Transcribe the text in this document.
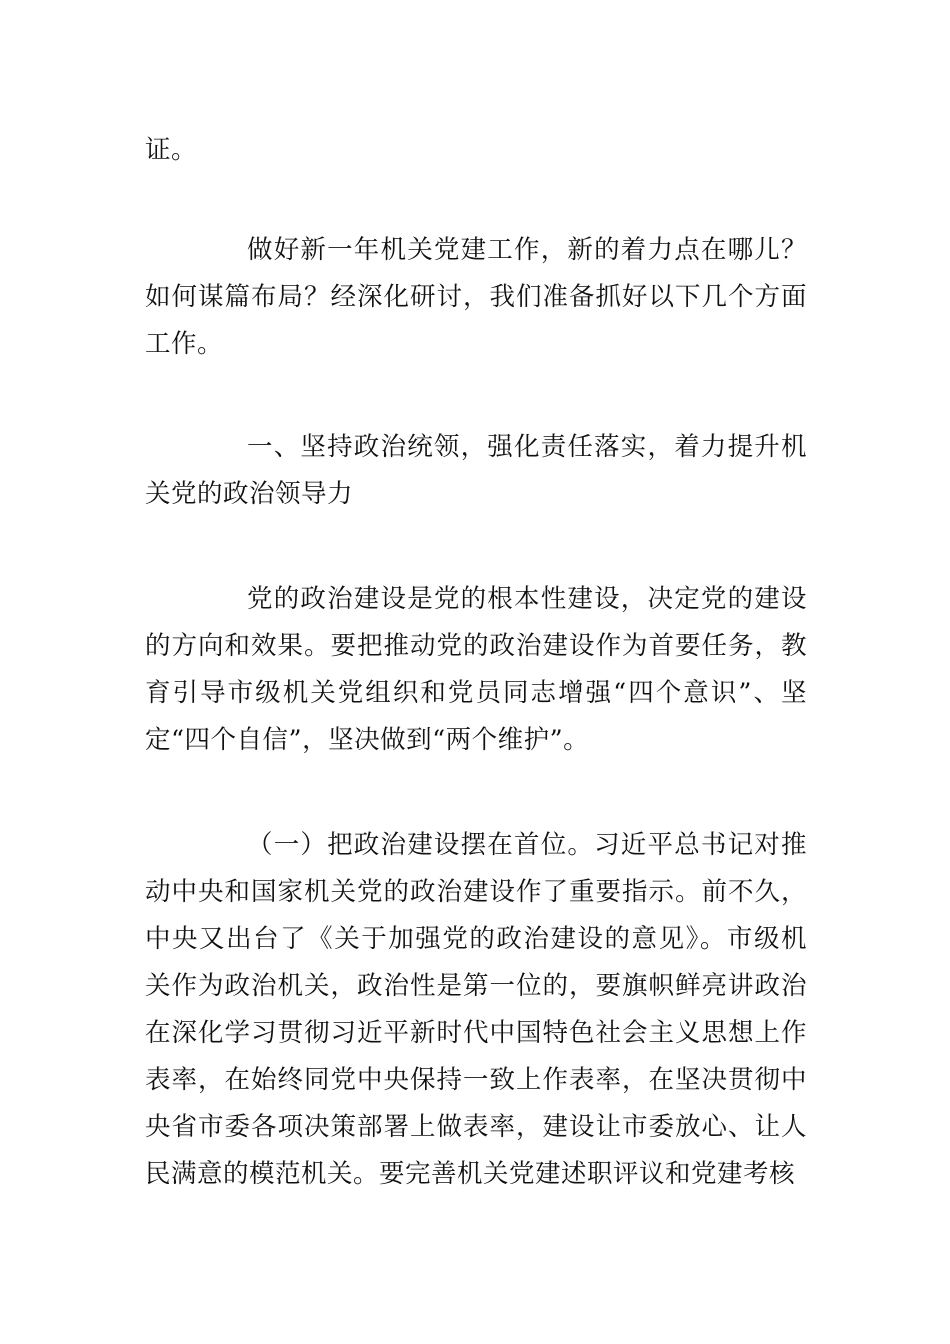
证。

做好新一年机关党建工作，新的着力点在哪儿？如何谋篇布局？经深化研讨，我们准备抓好以下几个方面工作。

一、坚持政治统领，强化责任落实，着力提升机关党的政治领导力

党的政治建设是党的根本性建设，决定党的建设的方向和效果。要把推动党的政治建设作为首要任务，教育引导市级机关党组织和党员同志增强“四个意识”、坚定“四个自信”，坚决做到“两个维护”。

（一）把政治建设摆在首位。习近平总书记对推动中央和国家机关党的政治建设作了重要指示。前不久，中央又出台了《关于加强党的政治建设的意见》。市级机关作为政治机关，政治性是第一位的，要旗帜鲜亮讲政治在深化学习贯彻习近平新时代中国特色社会主义思想上作表率，在始终同党中央保持一致上作表率，在坚决贯彻中央省市委各项决策部署上做表率，建设让市委放心、让人民满意的模范机关。要完善机关党建述职评议和党建考核
